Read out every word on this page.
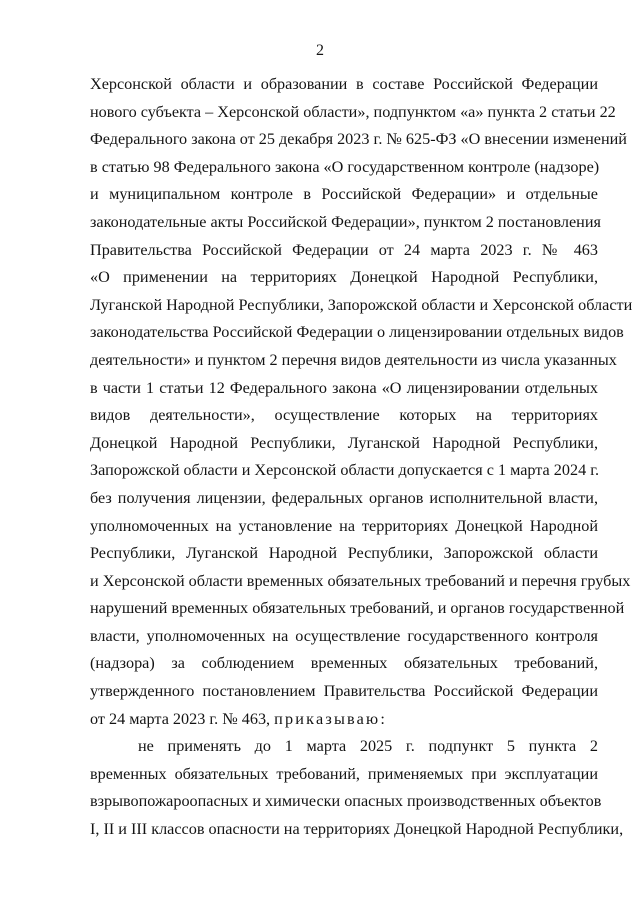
2
Херсонской области и образовании в составе Российской Федерации
нового субъекта – Херсонской области», подпунктом «а» пункта 2 статьи 22
Федерального закона от 25 декабря 2023 г. № 625-ФЗ «О внесении изменений
в статью 98 Федерального закона «О государственном контроле (надзоре)
и муниципальном контроле в Российской Федерации» и отдельные
законодательные акты Российской Федерации», пунктом 2 постановления
Правительства Российской Федерации от 24 марта 2023 г. № 463
«О применении на территориях Донецкой Народной Республики,
Луганской Народной Республики, Запорожской области и Херсонской области
законодательства Российской Федерации о лицензировании отдельных видов
деятельности» и пунктом 2 перечня видов деятельности из числа указанных
в части 1 статьи 12 Федерального закона «О лицензировании отдельных
видов деятельности», осуществление которых на территориях
Донецкой Народной Республики, Луганской Народной Республики,
Запорожской области и Херсонской области допускается с 1 марта 2024 г.
без получения лицензии, федеральных органов исполнительной власти,
уполномоченных на установление на территориях Донецкой Народной
Республики, Луганской Народной Республики, Запорожской области
и Херсонской области временных обязательных требований и перечня грубых
нарушений временных обязательных требований, и органов государственной
власти, уполномоченных на осуществление государственного контроля
(надзора) за соблюдением временных обязательных требований,
утвержденного постановлением Правительства Российской Федерации
от 24 марта 2023 г. № 463, приказываю:
не применять до 1 марта 2025 г. подпункт 5 пункта 2
временных обязательных требований, применяемых при эксплуатации
взрывопожароопасных и химически опасных производственных объектов
I, II и III классов опасности на территориях Донецкой Народной Республики,
